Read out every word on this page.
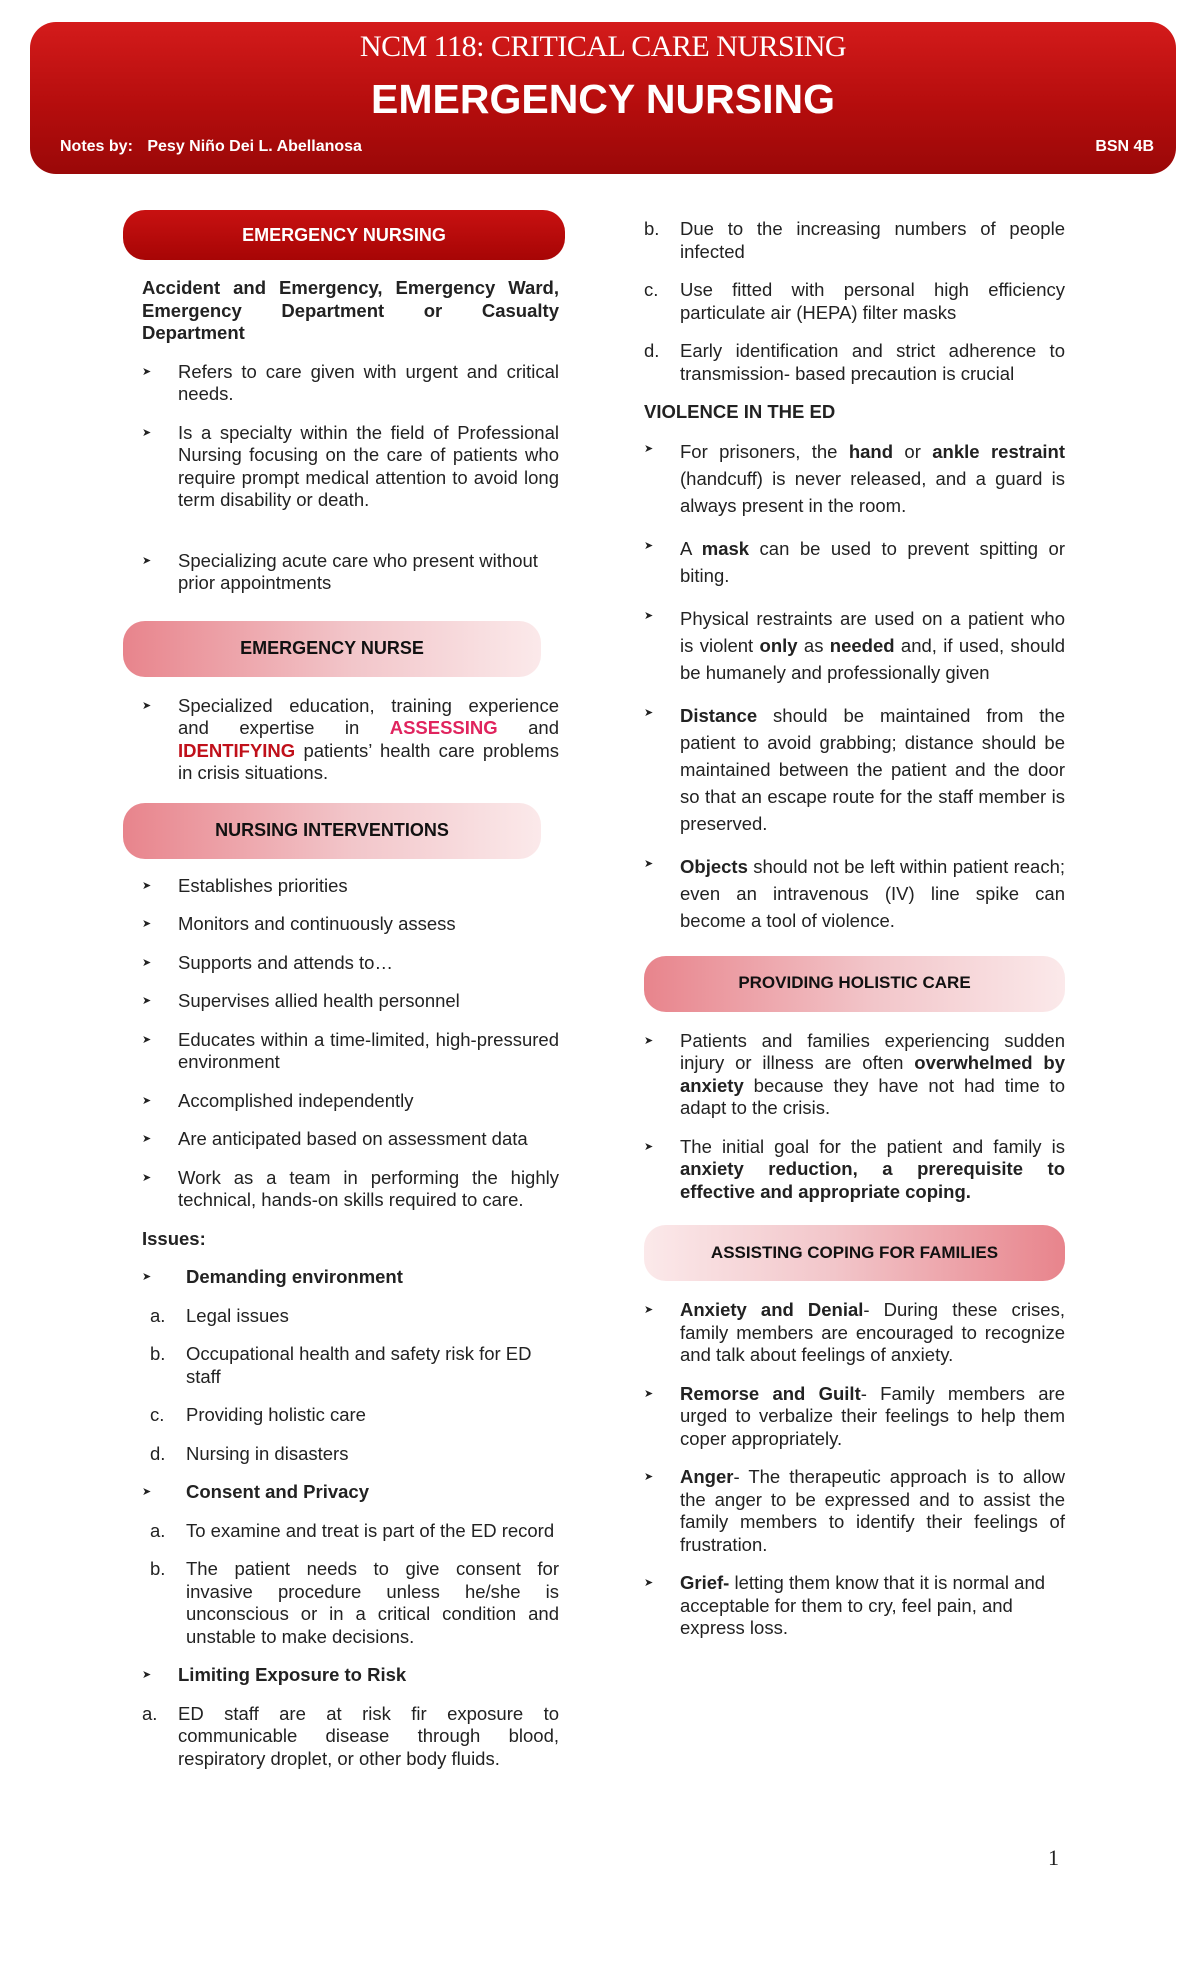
NCM 118: CRITICAL CARE NURSING
EMERGENCY NURSING
Notes by: Pesy Niño Dei L. Abellanosa	BSN 4B
EMERGENCY NURSING
Accident and Emergency, Emergency Ward, Emergency Department or Casualty Department
➤	Refers to care given with urgent and critical needs.
➤	Is a specialty within the field of Professional Nursing focusing on the care of patients who require prompt medical attention to avoid long term disability or death.
➤	Specializing acute care who present without prior appointments
EMERGENCY NURSE
➤	Specialized education, training experience and expertise in ASSESSING and IDENTIFYING patients’ health care problems in crisis situations.
NURSING INTERVENTIONS
➤	Establishes priorities
➤	Monitors and continuously assess
➤	Supports and attends to…
➤	Supervises allied health personnel
➤	Educates within a time-limited, high-pressured environment
➤	Accomplished independently
➤	Are anticipated based on assessment data
➤	Work as a team in performing the highly technical, hands-on skills required to care.
Issues:
➤	Demanding environment
a.	Legal issues
b.	Occupational health and safety risk for ED staff
c.	Providing holistic care
d.	Nursing in disasters
➤	Consent and Privacy
a.	To examine and treat is part of the ED record
b.	The patient needs to give consent for invasive procedure unless he/she is unconscious or in a critical condition and unstable to make decisions.
➤	Limiting Exposure to Risk
a.	ED staff are at risk fir exposure to communicable disease through blood, respiratory droplet, or other body fluids.
b.	Due to the increasing numbers of people infected
c.	Use fitted with personal high efficiency particulate air (HEPA) filter masks
d.	Early identification and strict adherence to transmission- based precaution is crucial
VIOLENCE IN THE ED
➤	For prisoners, the hand or ankle restraint (handcuff) is never released, and a guard is always present in the room.
➤	A mask can be used to prevent spitting or biting.
➤	Physical restraints are used on a patient who is violent only as needed and, if used, should be humanely and professionally given
➤	Distance should be maintained from the patient to avoid grabbing; distance should be maintained between the patient and the door so that an escape route for the staff member is preserved.
➤	Objects should not be left within patient reach; even an intravenous (IV) line spike can become a tool of violence.
PROVIDING HOLISTIC CARE
➤	Patients and families experiencing sudden injury or illness are often overwhelmed by anxiety because they have not had time to adapt to the crisis.
➤	The initial goal for the patient and family is anxiety reduction, a prerequisite to effective and appropriate coping.
ASSISTING COPING FOR FAMILIES
➤	Anxiety and Denial- During these crises, family members are encouraged to recognize and talk about feelings of anxiety.
➤	Remorse and Guilt- Family members are urged to verbalize their feelings to help them coper appropriately.
➤	Anger- The therapeutic approach is to allow the anger to be expressed and to assist the family members to identify their feelings of frustration.
➤	Grief- letting them know that it is normal and acceptable for them to cry, feel pain, and express loss.
1
